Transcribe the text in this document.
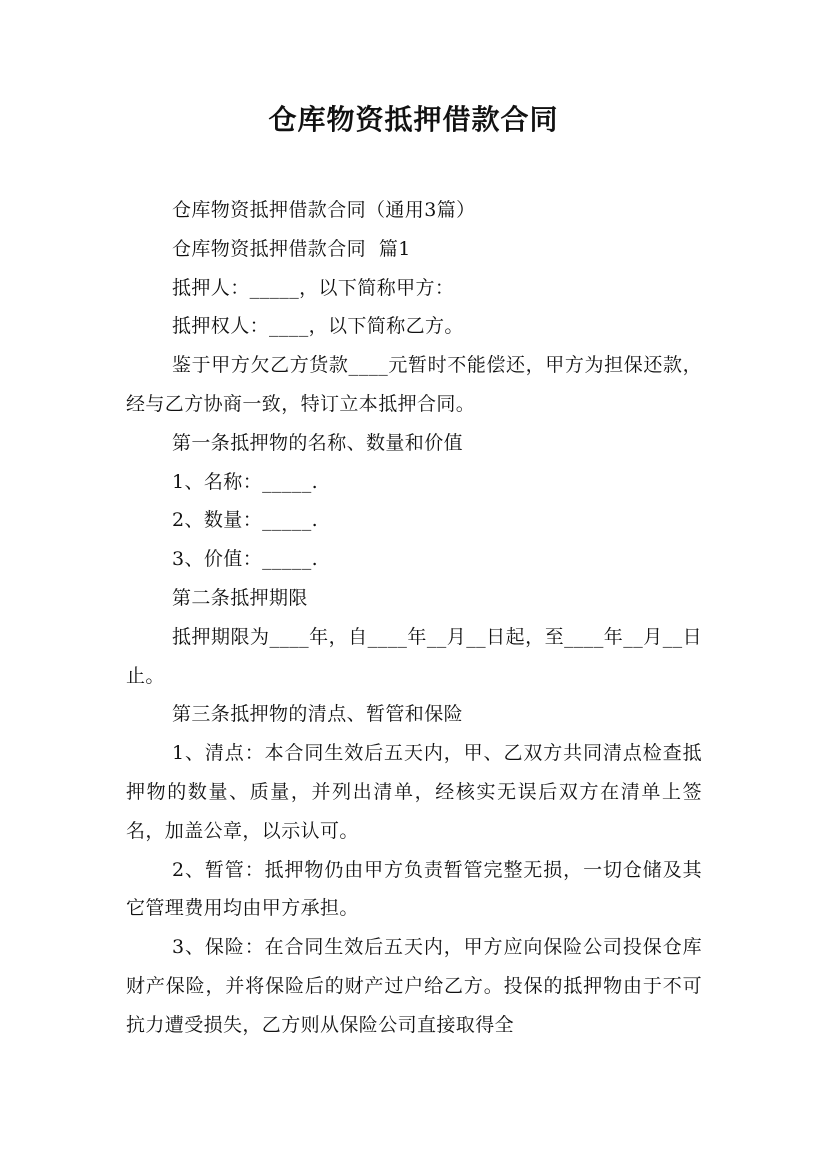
仓库物资抵押借款合同

仓库物资抵押借款合同（通用3篇）

仓库物资抵押借款合同  篇1

抵押人：_____，以下简称甲方：

抵押权人：____，以下简称乙方。

鉴于甲方欠乙方货款____元暂时不能偿还，甲方为担保还款，经与乙方协商一致，特订立本抵押合同。

第一条抵押物的名称、数量和价值

1、名称：_____.

2、数量：_____.

3、价值：_____.

第二条抵押期限

抵押期限为____年，自____年__月__日起，至____年__月__日止。

第三条抵押物的清点、暂管和保险

1、清点：本合同生效后五天内，甲、乙双方共同清点检查抵押物的数量、质量，并列出清单，经核实无误后双方在清单上签名，加盖公章，以示认可。

2、暂管：抵押物仍由甲方负责暂管完整无损，一切仓储及其它管理费用均由甲方承担。

3、保险：在合同生效后五天内，甲方应向保险公司投保仓库财产保险，并将保险后的财产过户给乙方。投保的抵押物由于不可抗力遭受损失，乙方则从保险公司直接取得全
